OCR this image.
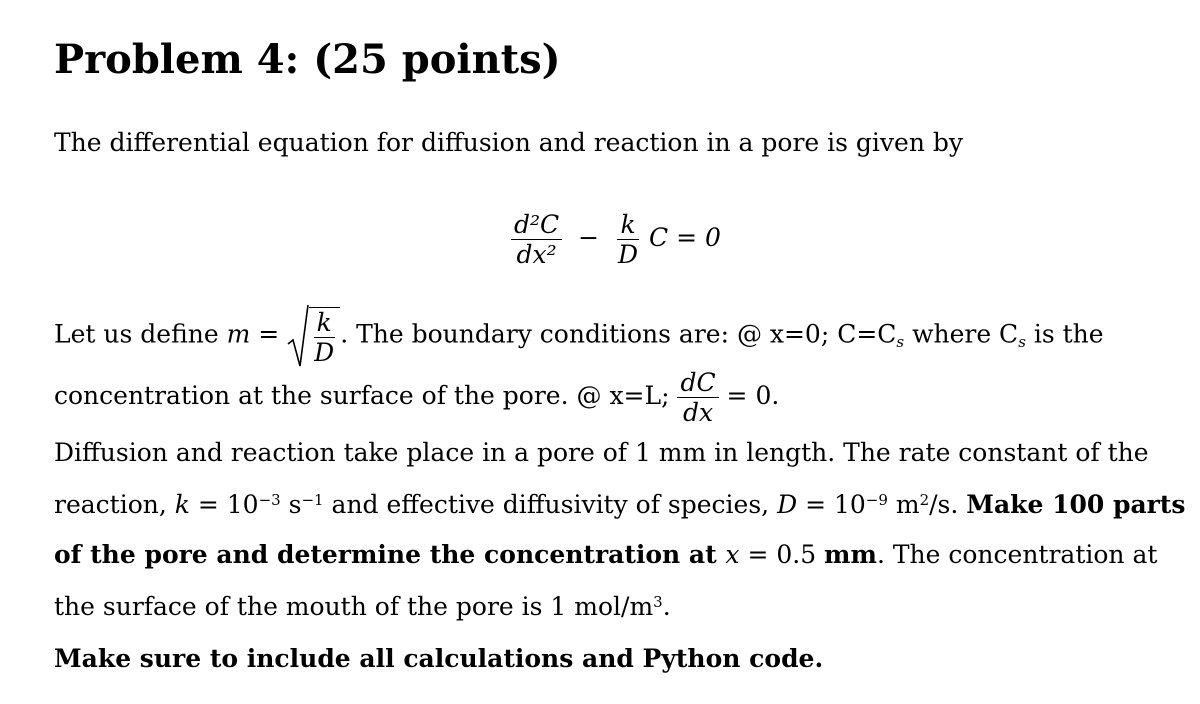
Problem 4: (25 points)
The differential equation for diffusion and reaction in a pore is given by
$\frac{\text{d²C}}{\text{dx²}} - \frac{k}{D}$ C = 0
Let us define $m = \frac{k}{D}$ . The boundary conditions are: @ x=0; $C=C_s$ where $C_s$ is the
concentration at the surface of the pore. @ x=L; $\frac{dC}{dx} = 0$.
Diffusion and reaction take place in a pore of 1 mm in length. The rate constant of the
reaction, $k = 10^{-3}$ $s^{-1}$ and effective diffusivity of species, $D = 10^{-9}$ $m^2/s$. Make 100 parts
of the pore and determine the concentration at x = 0.5 mm. The concentration at
the surface of the mouth of the pore is 1 mol/$m^3$.
Make sure to include all calculations and Python code.
